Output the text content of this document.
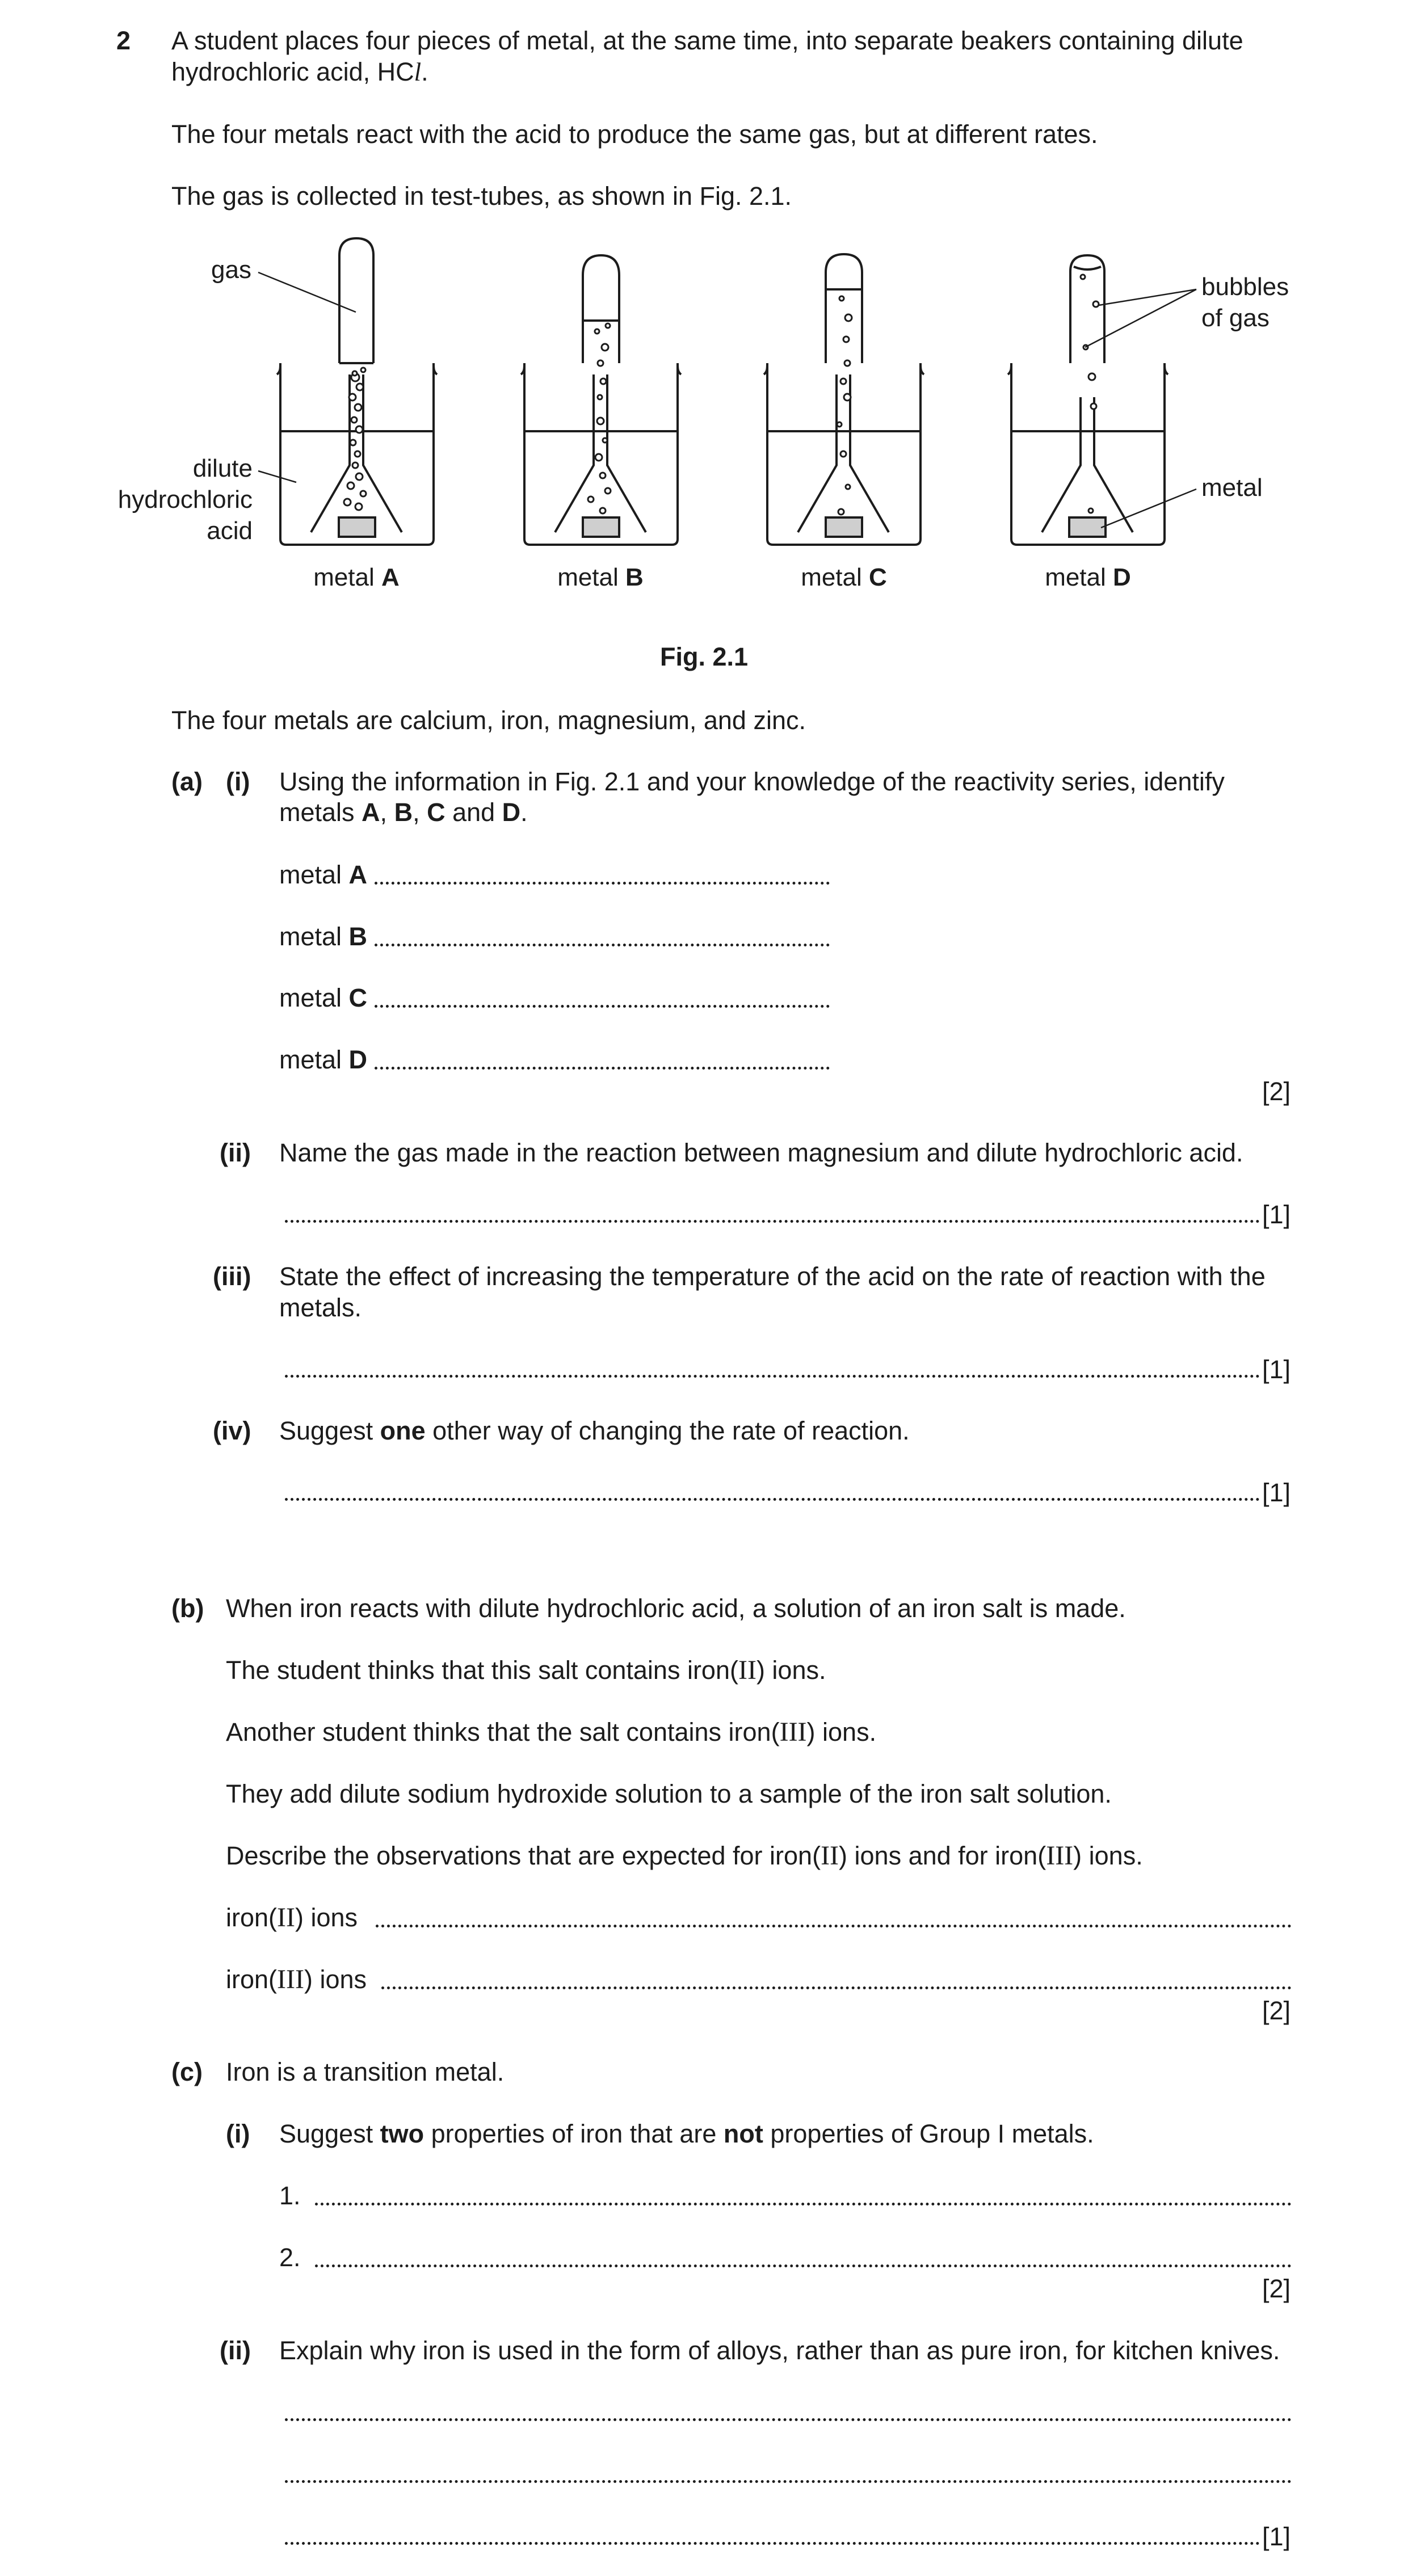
2 A student places four pieces of metal, at the same time, into separate beakers containing dilute
hydrochloric acid, HCl.
The four metals react with the acid to produce the same gas, but at different rates.
The gas is collected in test-tubes, as shown in Fig. 2.1.
gas
dilute
hydrochloric
acid
bubbles
of gas
metal
metal A	metal B	metal C	metal D
Fig. 2.1
The four metals are calcium, iron, magnesium, and zinc.
(a) (i) Using the information in Fig. 2.1 and your knowledge of the reactivity series, identify
metals A, B, C and D.
metal A
metal B
metal C
metal D
[2]
(ii) Name the gas made in the reaction between magnesium and dilute hydrochloric acid.
[1]
(iii) State the effect of increasing the temperature of the acid on the rate of reaction with the
metals.
[1]
(iv) Suggest one other way of changing the rate of reaction.
[1]
(b) When iron reacts with dilute hydrochloric acid, a solution of an iron salt is made.
The student thinks that this salt contains iron(II) ions.
Another student thinks that the salt contains iron(III) ions.
They add dilute sodium hydroxide solution to a sample of the iron salt solution.
Describe the observations that are expected for iron(II) ions and for iron(III) ions.
iron(II) ions
iron(III) ions
[2]
(c) Iron is a transition metal.
(i) Suggest two properties of iron that are not properties of Group I metals.
1.
2.
[2]
(ii) Explain why iron is used in the form of alloys, rather than as pure iron, for kitchen knives.
[1]
